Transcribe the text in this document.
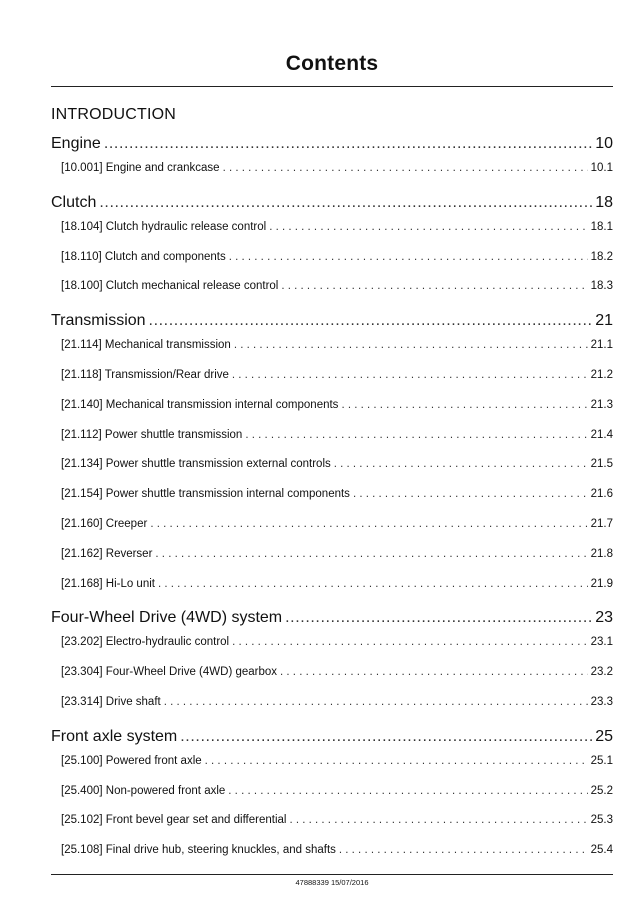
Contents
INTRODUCTION
Engine .....	10
[10.001] Engine and crankcase . . .	10.1
Clutch .....	18
[18.104] Clutch hydraulic release control . . .	18.1
[18.110] Clutch and components . . .	18.2
[18.100] Clutch mechanical release control . . .	18.3
Transmission .....	21
[21.114] Mechanical transmission . . .	21.1
[21.118] Transmission/Rear drive . . .	21.2
[21.140] Mechanical transmission internal components . . .	21.3
[21.112] Power shuttle transmission . . .	21.4
[21.134] Power shuttle transmission external controls . . .	21.5
[21.154] Power shuttle transmission internal components . . .	21.6
[21.160] Creeper . . .	21.7
[21.162] Reverser . . .	21.8
[21.168] Hi-Lo unit . . .	21.9
Four-Wheel Drive (4WD) system .....	23
[23.202] Electro-hydraulic control . . .	23.1
[23.304] Four-Wheel Drive (4WD) gearbox . . .	23.2
[23.314] Drive shaft . . .	23.3
Front axle system .....	25
[25.100] Powered front axle . . .	25.1
[25.400] Non-powered front axle . . .	25.2
[25.102] Front bevel gear set and differential . . .	25.3
[25.108] Final drive hub, steering knuckles, and shafts . . .	25.4
47888339 15/07/2016
